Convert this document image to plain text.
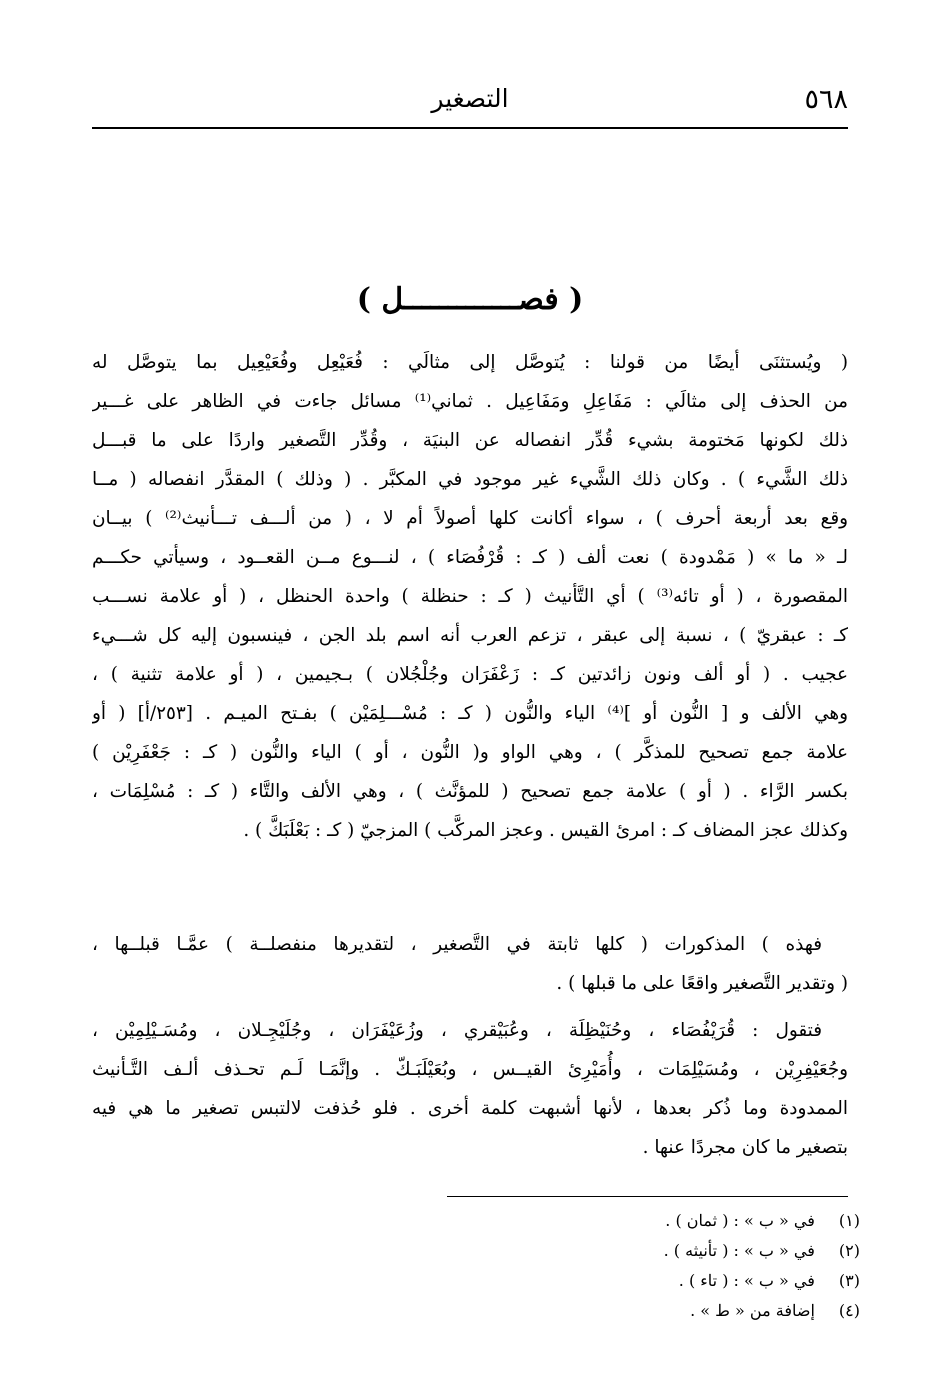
٥٦٨
التصغير
( فصـــــــــــــل )
( ويُستثنَى أيضًا من قولنا : يُتوصَّل إلى مثالَي : فُعَيْعِل وفُعَيْعِيل بما يتوصَّل له
من الحذف إلى مثالَي : مَفَاعِلِ ومَفَاعِيل . ثماني⁽¹⁾ مسائل جاءت في الظاهر على غـــير
ذلك لكونها مَختومة بشيء قُدِّر انفصاله عن البنيَة ، وقُدِّر التَّصغير واردًا على ما قبـــل
ذلك الشَّيء ) . وكان ذلك الشَّيء غير موجود في المكبَّر . ( وذلك ) المقدَّر انفصاله ( مــا
وقع بعد أربعة أحرف ) ، سواء أكانت كلها أصولاً أم لا ، ( من ألـــف تـــأنيث⁽²⁾ ) بيــان
لـ « ما » ( مَمْدودة ) نعت ألف ( كـ : قُرْفُصَاء ) ، لنـــوع مــن القعــود ، وسيأتي حكـــم
المقصورة ، ( أو تائه⁽³⁾ ) أي التَّأنيث ( كـ : حنظلة ) واحدة الحنظل ، ( أو علامة نســـب
كـ : عبقريّ ) ، نسبة إلى عبقر ، تزعم العرب أنه اسم بلد الجن ، فينسبون إليه كل شـــيء
عجيب . ( أو ألف ونون زائدتين كـ : زَعْفَرَان وجُلْجُلان ) بـجيمين ، ( أو علامة تثنية ) ،
وهي الألف و [ النُّون أو ]⁽⁴⁾ الياء والنُّون ( كـ : مُسْـــلِمَيْن ) بفـتح الميـم . [٢٥٣/أ] ( أو
علامة جمع تصحيح للمذكَّر ) ، وهي الواو و( النُّون ، أو ) الياء والنُّون ( كـ : جَعْفَرِيْن )
بكسر الرَّاء . ( أو ) علامة جمع تصحيح ( للمؤنَّث ) ، وهي الألف والتَّاء ( كـ : مُسْلِمَات ،
وكذلك عجز المضاف كـ : امرئ القيس . وعجز المركَّب ) المزجيّ ( كـ : بَعْلَبَكَّ ) .
فهذه ) المذكورات ( كلها ثابتة في التَّصغير ، لتقديرها منفصلــة ) عمَّـا قبلــها ،
( وتقدير التَّصغير واقعًا على ما قبلها ) .
فتقول : قُرَيْفُصَاء ، وحُنَيْظِلَة ، وعُبَيْقري ، وزُعَيْفَرَان ، وجُلَيْجِـلان ، ومُسَـيْلِمِيْن ،
وجُعَيْفِرِيْن ، ومُسَيْلِمَات ، وأُمَيْرِئ القيــس ، وبُعَيْلَبَـكّ . وإنَّمَـا لَـم تحـذف ألـف التَّـأنيث
الممدودة وما ذُكر بعدها ، لأنها أشبهت كلمة أخرى . فلو حُذفت لالتبس تصغير ما هي فيه
بتصغير ما كان مجردًا عنها .
(١) في « ب » : ( ثمان ) .
(٢) في « ب » : ( تأنيثه ) .
(٣) في « ب » : ( تاء ) .
(٤) إضافة من « ط » .
